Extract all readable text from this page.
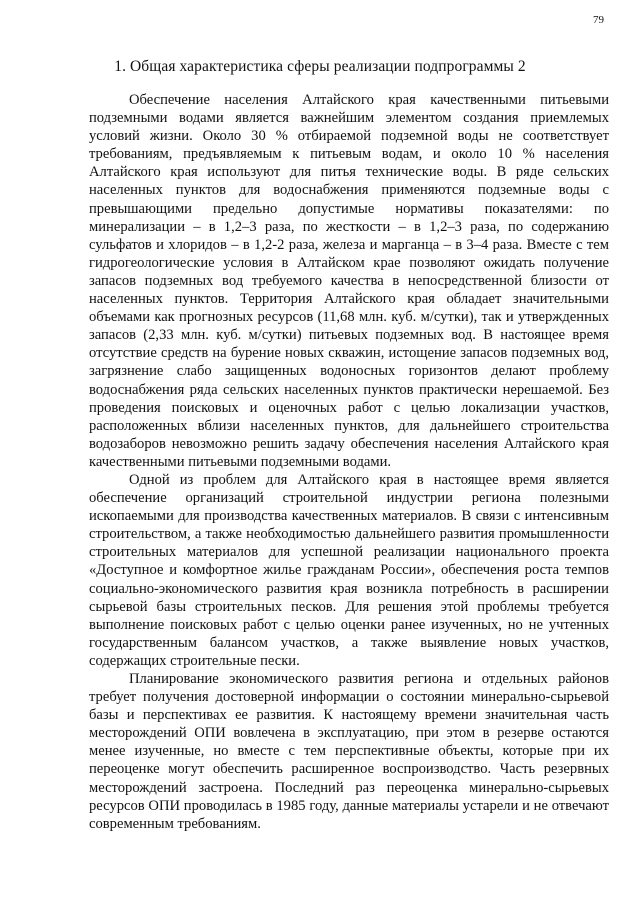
79
1. Общая характеристика сферы реализации подпрограммы 2

Обеспечение населения Алтайского края качественными питьевыми подземными водами является важнейшим элементом создания приемлемых условий жизни. Около 30 % отбираемой подземной воды не соответствует требованиям, предъявляемым к питьевым водам, и около 10 % населения Алтайского края используют для питья технические воды. В ряде сельских населенных пунктов для водоснабжения применяются подземные воды с превышающими предельно допустимые нормативы показателями: по минерализации – в 1,2–3 раза, по жесткости – в 1,2–3 раза, по содержанию сульфатов и хлоридов – в 1,2-2 раза, железа и марганца – в 3–4 раза. Вместе с тем гидрогеологические условия в Алтайском крае позволяют ожидать получение запасов подземных вод требуемого качества в непосредственной близости от населенных пунктов. Территория Алтайского края обладает значительными объемами как прогнозных ресурсов (11,68 млн. куб. м/сутки), так и утвержденных запасов (2,33 млн. куб. м/сутки) питьевых подземных вод. В настоящее время отсутствие средств на бурение новых скважин, истощение запасов подземных вод, загрязнение слабо защищенных водоносных горизонтов делают проблему водоснабжения ряда сельских населенных пунктов практически нерешаемой. Без проведения поисковых и оценочных работ с целью локализации участков, расположенных вблизи населенных пунктов, для дальнейшего строительства водозаборов невозможно решить задачу обеспечения населения Алтайского края качественными питьевыми подземными водами.

Одной из проблем для Алтайского края в настоящее время является обеспечение организаций строительной индустрии региона полезными ископаемыми для производства качественных материалов. В связи с интенсивным строительством, а также необходимостью дальнейшего развития промышленности строительных материалов для успешной реализации национального проекта «Доступное и комфортное жилье гражданам России», обеспечения роста темпов социально-экономического развития края возникла потребность в расширении сырьевой базы строительных песков. Для решения этой проблемы требуется выполнение поисковых работ с целью оценки ранее изученных, но не учтенных государственным балансом участков, а также выявление новых участков, содержащих строительные пески.

Планирование экономического развития региона и отдельных районов требует получения достоверной информации о состоянии минерально-сырьевой базы и перспективах ее развития. К настоящему времени значительная часть месторождений ОПИ вовлечена в эксплуатацию, при этом в резерве остаются менее изученные, но вместе с тем перспективные объекты, которые при их переоценке могут обеспечить расширенное воспроизводство. Часть резервных месторождений застроена. Последний раз переоценка минерально-сырьевых ресурсов ОПИ проводилась в 1985 году, данные материалы устарели и не отвечают современным требованиям.
